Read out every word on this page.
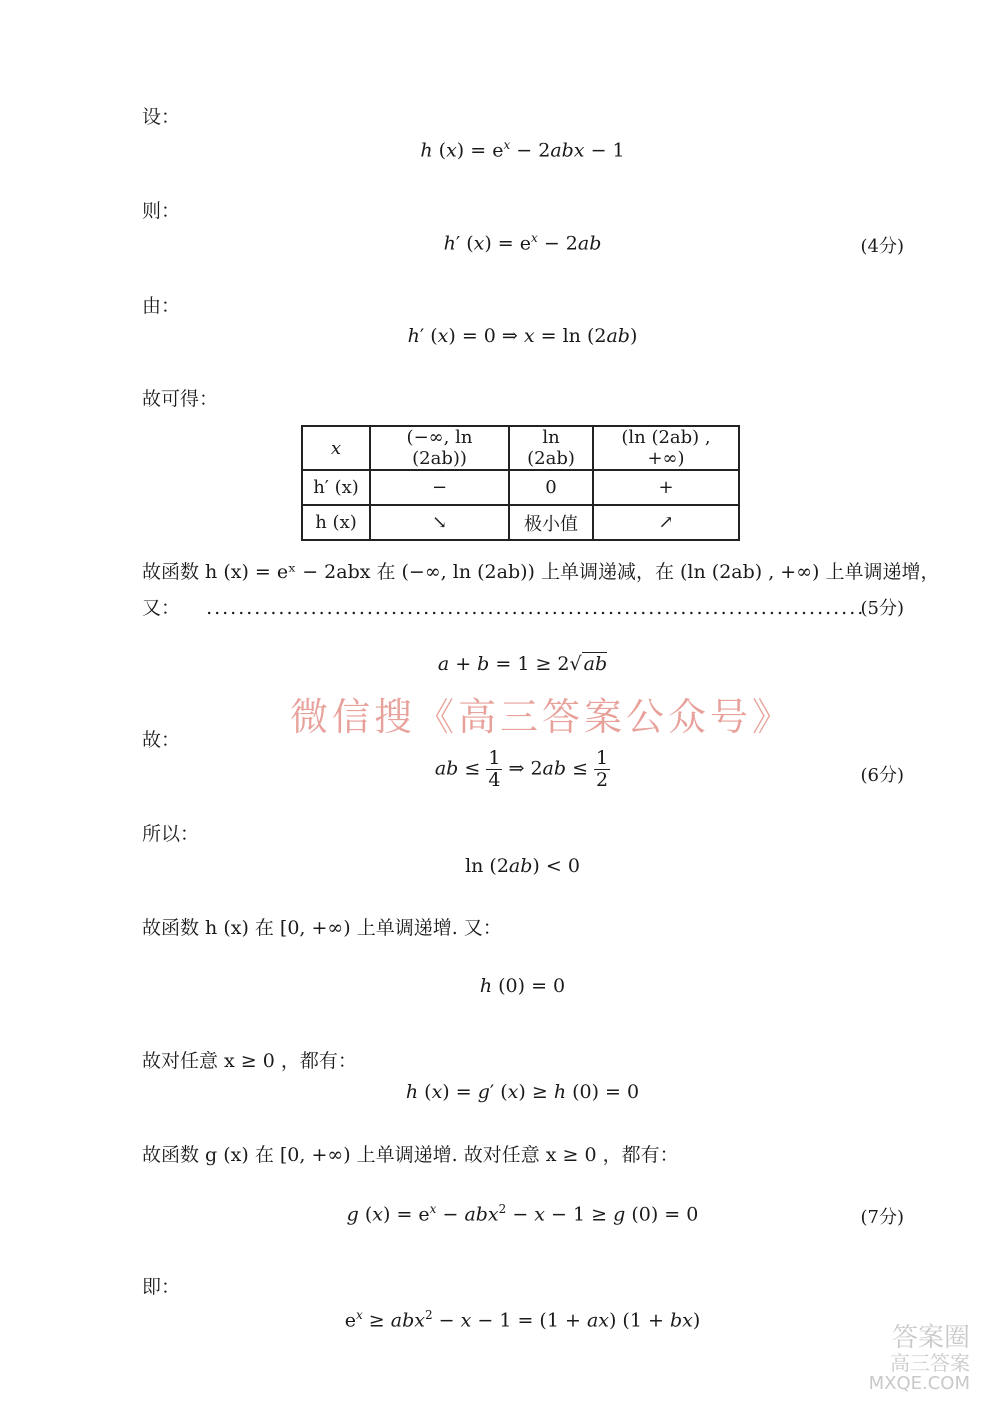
设：
h $(x) = e^x - 2abx - 1$
则：
h′ $(x) = e^x - 2ab$	(4分)
由：
h′ (x) = 0 ⇒ x = ln (2ab)
故可得：
x	(−∞, ln (2ab))	ln (2ab)	(ln (2ab) , +∞)
h′ (x)	−	0	+
h (x)	↘	极小值	↗
故函数 h (x) = eˣ − 2abx 在 (−∞, ln (2ab)) 上单调递减，在 (ln (2ab) , +∞) 上单调递增，
又： ..................................................................................
(5分)
a + b = 1 ≥ 2√ ab
微信搜《高三答案公众号》
故：
ab ≤ $\frac{1}{4}$ ⇒ $2ab \le \frac{1}{2}$	(6分)
所以：
ln (2ab) < 0
故函数 h (x) 在 [0, +∞) 上单调递增. 又：
h (0) = 0
故对任意 x ≥ 0 ，都有：
h (x) = g′ (x) ≥ h (0) = 0
故函数 g (x) 在 [0, +∞) 上单调递增. 故对任意 x ≥ 0 ，都有：
g $(x) = e^x - abx^2 - x - 1 \ge g$ (0) = 0	(7分)
即：
$e^x \ge abx^2 - x - 1 = (1 + ax) (1 + bx)$
答案圈
高三答案
MXQE.COM
